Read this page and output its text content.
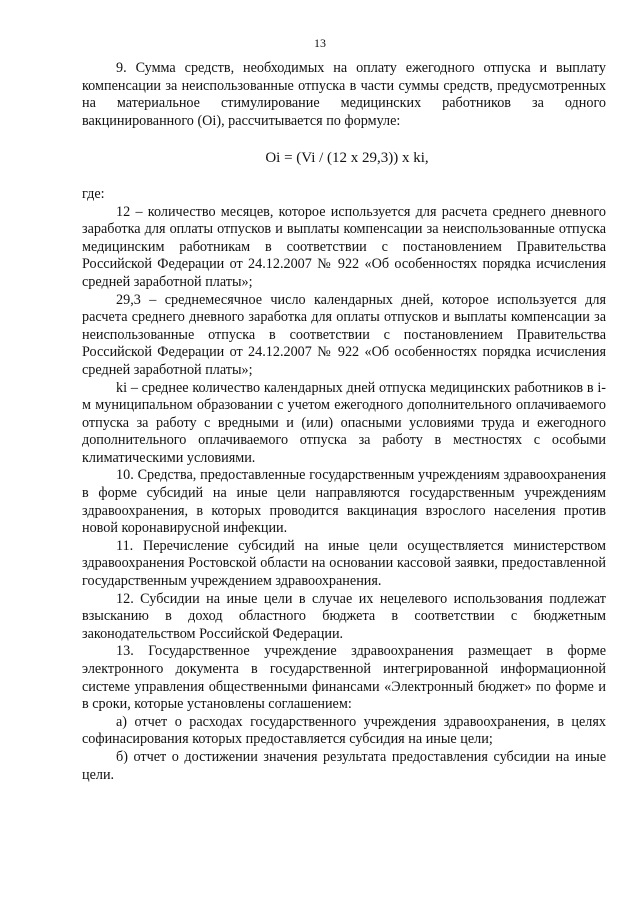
13

9. Сумма средств, необходимых на оплату ежегодного отпуска и выплату компенсации за неиспользованные отпуска в части суммы средств, предусмотренных на материальное стимулирование медицинских работников за одного вакцинированного (Oi), рассчитывается по формуле:

Oi = (Vi / (12 x 29,3)) x ki,

где:

12 – количество месяцев, которое используется для расчета среднего дневного заработка для оплаты отпусков и выплаты компенсации за неиспользованные отпуска медицинским работникам в соответствии с постановлением Правительства Российской Федерации от 24.12.2007 № 922 «Об особенностях порядка исчисления средней заработной платы»;

29,3 – среднемесячное число календарных дней, которое используется для расчета среднего дневного заработка для оплаты отпусков и выплаты компенсации за неиспользованные отпуска в соответствии с постановлением Правительства Российской Федерации от 24.12.2007 № 922 «Об особенностях порядка исчисления средней заработной платы»;

ki – среднее количество календарных дней отпуска медицинских работников в i-м муниципальном образовании с учетом ежегодного дополнительного оплачиваемого отпуска за работу с вредными и (или) опасными условиями труда и ежегодного дополнительного оплачиваемого отпуска за работу в местностях с особыми климатическими условиями.

10. Средства, предоставленные государственным учреждениям здравоохранения в форме субсидий на иные цели направляются государственным учреждениям здравоохранения, в которых проводится вакцинация взрослого населения против новой коронавирусной инфекции.

11. Перечисление субсидий на иные цели осуществляется министерством здравоохранения Ростовской области на основании кассовой заявки, предоставленной государственным учреждением здравоохранения.

12. Субсидии на иные цели в случае их нецелевого использования подлежат взысканию в доход областного бюджета в соответствии с бюджетным законодательством Российской Федерации.

13. Государственное учреждение здравоохранения размещает в форме электронного документа в государственной интегрированной информационной системе управления общественными финансами «Электронный бюджет» по форме и в сроки, которые установлены соглашением:

а) отчет о расходах государственного учреждения здравоохранения, в целях софинасирования которых предоставляется субсидия на иные цели;

б) отчет о достижении значения результата предоставления субсидии на иные цели.
